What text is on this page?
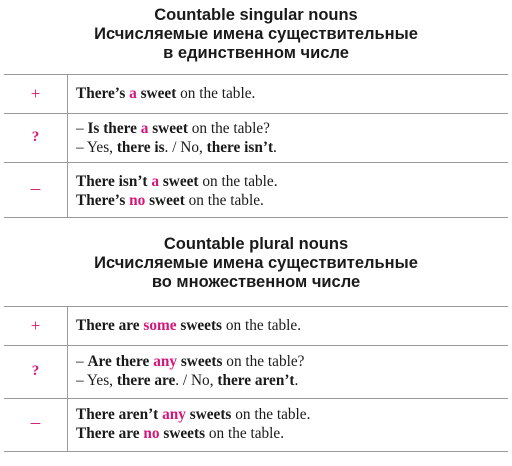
Countable singular nouns
Исчисляемые имена существительные
в единственном числе
+	There’s a sweet on the table.
?	– Is there a sweet on the table?
– Yes, there is. / No, there isn’t.
–	There isn’t a sweet on the table.
There’s no sweet on the table.
Countable plural nouns
Исчисляемые имена существительные
во множественном числе
+	There are some sweets on the table.
?
– Are there any sweets on the table?
– Yes, there are. / No, there aren’t.
–	There aren’t any sweets on the table.
There are no sweets on the table.
